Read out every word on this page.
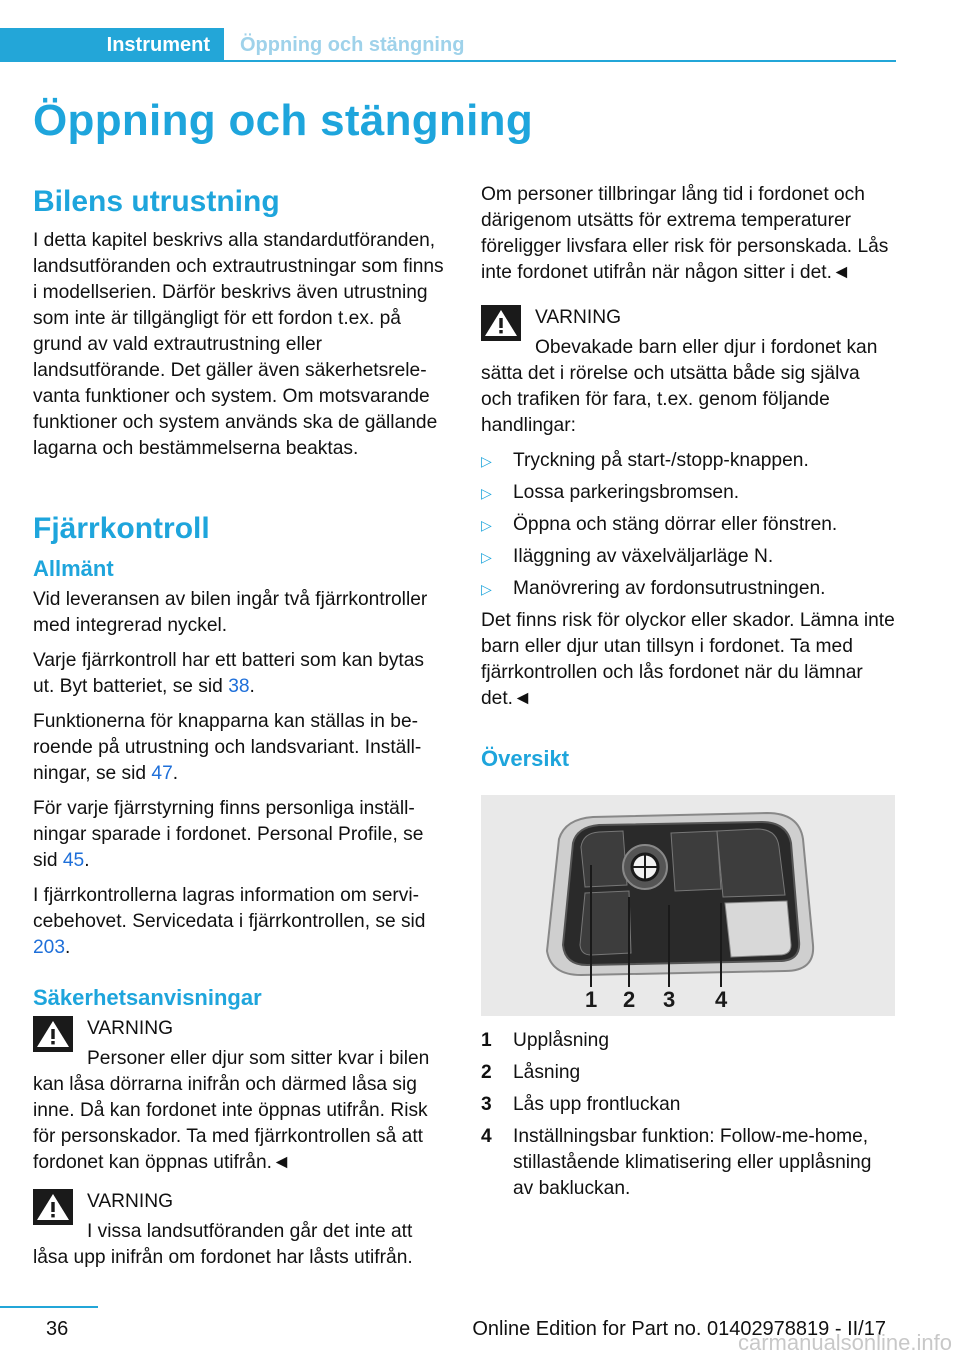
Instrument	Öppning och stängning
Öppning och stängning
Bilens utrustning

I detta kapitel beskrivs alla standardutföranden, landsutföranden och extrautrustningar som finns i modellserien. Därför beskrivs även utrustning som inte är tillgängligt för ett fordon t.ex. på grund av vald extrautrustning eller landsutförande. Det gäller även säkerhetsrelevanta funktioner och system. Om motsvarande funktioner och system används ska de gällande lagarna och bestämmelserna beaktas.

Fjärrkontroll
Allmänt

Vid leveransen av bilen ingår två fjärrkontroller med integrerad nyckel.

Varje fjärrkontroll har ett batteri som kan bytas ut. Byt batteriet, se sid 38.

Funktionerna för knapparna kan ställas in beroende på utrustning och landsvariant. Inställningar, se sid 47.

För varje fjärrstyrning finns personliga inställningar sparade i fordonet. Personal Profile, se sid 45.

I fjärrkontrollerna lagras information om servicebehovet. Servicedata i fjärrkontrollen, se sid 203.

Säkerhetsanvisningar
VARNING

Personer eller djur som sitter kvar i bilen kan låsa dörrarna inifrån och därmed låsa sig inne. Då kan fordonet inte öppnas utifrån. Risk för personskador. Ta med fjärrkontrollen så att fordonet kan öppnas utifrån.◄

VARNING

I vissa landsutföranden går det inte att låsa upp inifrån om fordonet har låsts utifrån.

Om personer tillbringar lång tid i fordonet och därigenom utsätts för extrema temperaturer föreligger livsfara eller risk för personskada. Lås inte fordonet utifrån när någon sitter i det.◄

VARNING

Obevakade barn eller djur i fordonet kan sätta det i rörelse och utsätta både sig själva och trafiken för fara, t.ex. genom följande handlingar:

▷ Tryckning på start-/stopp-knappen.
▷ Lossa parkeringsbromsen.
▷ Öppna och stäng dörrar eller fönstren.
▷ Iläggning av växelväljarläge N.
▷ Manövrering av fordonsutrustningen.

Det finns risk för olyckor eller skador. Lämna inte barn eller djur utan tillsyn i fordonet. Ta med fjärrkontrollen och lås fordonet när du lämnar det.◄

Översikt
1 2 3 4
1 Upplåsning
2 Låsning
3 Lås upp frontluckan
4 Inställningsbar funktion: Follow-me-home, stillastående klimatisering eller upplåsning av bakluckan.
36	Online Edition for Part no. 01402978819 - II/17
carmanualsonline.info
